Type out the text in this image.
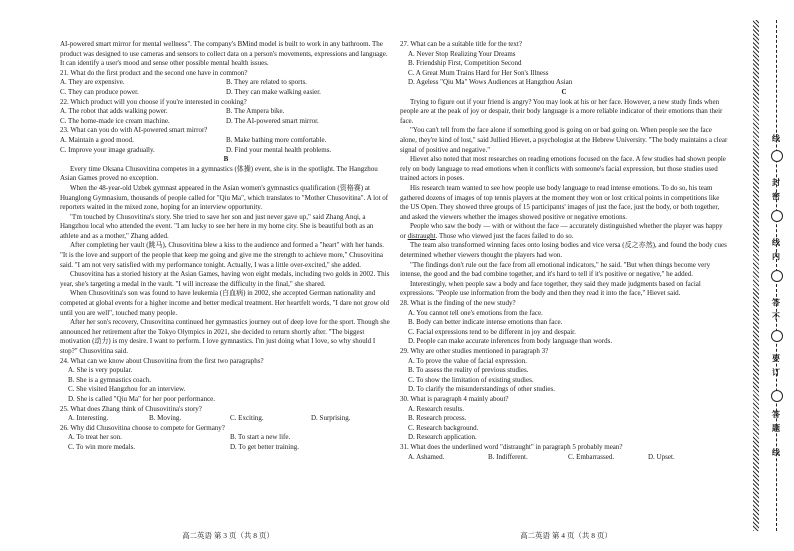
AI-powered smart mirror for mental wellness". The company's BMind model is built to work in any bathroom. The product was designed to use cameras and sensors to collect data on a person's movements, expressions and language. It can identify a user's mood and sense other possible mental health issues.

21. What do the first product and the second one have in common?

A. They are expensive.	B. They are related to sports.
C. They can produce power.	D. They can make walking easier.

22. Which product will you choose if you're interested in cooking?

A. The robot that adds walking power.	B. The Ampera bike.
C. The home-made ice cream machine.	D. The AI-powered smart mirror.

23. What can you do with AI-powered smart mirror?

A. Maintain a good mood.	B. Make bathing more comfortable.
C. Improve your image gradually.	D. Find your mental health problems.

B

Every time Oksana Chusovitina competes in a gymnastics (体操) event, she is in the spotlight. The Hangzhou Asian Games proved no exception.

When the 48-year-old Uzbek gymnast appeared in the Asian women's gymnastics qualification (资格赛) at Huanglong Gymnasium, thousands of people called for "Qiu Ma", which translates to "Mother Chusovitina". A lot of reporters waited in the mixed zone, hoping for an interview opportunity.

"I'm touched by Chusovitina's story. She tried to save her son and just never gave up," said Zhang Anqi, a Hangzhou local who attended the event. "I am lucky to see her here in my home city. She is beautiful both as an athlete and as a mother," Zhang added.

After completing her vault (跳马), Chusovitina blew a kiss to the audience and formed a "heart" with her hands. "It is the love and support of the people that keep me going and give me the strength to achieve more," Chusovitina said. "I am not very satisfied with my performance tonight. Actually, I was a little over-excited," she added.

Chusovitina has a storied history at the Asian Games, having won eight medals, including two golds in 2002. This year, she's targeting a medal in the vault. "I will increase the difficulty in the final," she shared.

When Chusovitina's son was found to have leukemia (白血病) in 2002, she accepted German nationality and competed at global events for a higher income and better medical treatment. Her heartfelt words, "I dare not grow old until you are well", touched many people.

After her son's recovery, Chusovitina continued her gymnastics journey out of deep love for the sport. Though she announced her retirement after the Tokyo Olympics in 2021, she decided to return shortly after. "The biggest motivation (动力) is my desire. I want to perform. I love gymnastics. I'm just doing what I love, so why should I stop?" Chusovitina said.

24. What can we know about Chusovitina from the first two paragraphs?

A. She is very popular.

B. She is a gymnastics coach.

C. She visited Hangzhou for an interview.

D. She is called "Qiu Ma" for her poor performance.

25. What does Zhang think of Chusovitina's story?

A. Interesting.	B. Moving.	C. Exciting.	D. Surprising.

26. Why did Chusovitina choose to compete for Germany?

A. To treat her son.	B. To start a new life.
C. To win more medals.	D. To get better training.

27. What can be a suitable title for the text?

A. Never Stop Realizing Your Dreams

B. Friendship First, Competition Second

C. A Great Mum Trains Hard for Her Son's Illness

D. Ageless "Qiu Ma" Wows Audiences at Hangzhou Asian

C

Trying to figure out if your friend is angry? You may look at his or her face. However, a new study finds when people are at the peak of joy or despair, their body language is a more reliable indicator of their emotions than their face.

"You can't tell from the face alone if something good is going on or bad going on. When people see the face alone, they're kind of lost," said Jullied Hievet, a psychologist at the Hebrew University. "The body maintains a clear signal of positive and negative."

Hievet also noted that most researches on reading emotions focused on the face. A few studies had shown people rely on body language to read emotions when it conflicts with someone's facial expression, but those studies used trained actors in poses.

His research team wanted to see how people use body language to read intense emotions. To do so, his team gathered dozens of images of top tennis players at the moment they won or lost critical points in competitions like the US Open. They showed three groups of 15 participants' images of just the face, just the body, or both together, and asked the viewers whether the images showed positive or negative emotions.

People who saw the body — with or without the face — accurately distinguished whether the player was happy or distraught. Those who viewed just the faces failed to do so.

The team also transformed winning faces onto losing bodies and vice versa (反之亦然), and found the body cues determined whether viewers thought the players had won.

"The findings don't rule out the face from all emotional indicators," he said. "But when things become very intense, the good and the bad combine together, and it's hard to tell if it's positive or negative," he added.

Interestingly, when people saw a body and face together, they said they made judgments based on facial expressions. "People use information from the body and then they read it into the face," Hievet said.

28. What is the finding of the new study?

A. You cannot tell one's emotions from the face.

B. Body can better indicate intense emotions than face.

C. Facial expressions tend to be different in joy and despair.

D. People can make accurate inferences from body language than words.

29. Why are other studies mentioned in paragraph 3?

A. To prove the value of facial expression.

B. To assess the reality of previous studies.

C. To show the limitation of existing studies.

D. To clarify the misunderstandings of other studies.

30. What is paragraph 4 mainly about?

A. Research results.

B. Research process.

C. Research background.

D. Research application.

31. What does the underlined word "distraught" in paragraph 5 probably mean?

A. Ashamed.	B. Indifferent.	C. Embarrassed.	D. Upset.
高二英语 第 3 页（共 8 页）	高二英语 第 4 页（共 8 页）
线
封
密
线
内
答
不
要
订
答
题
线
